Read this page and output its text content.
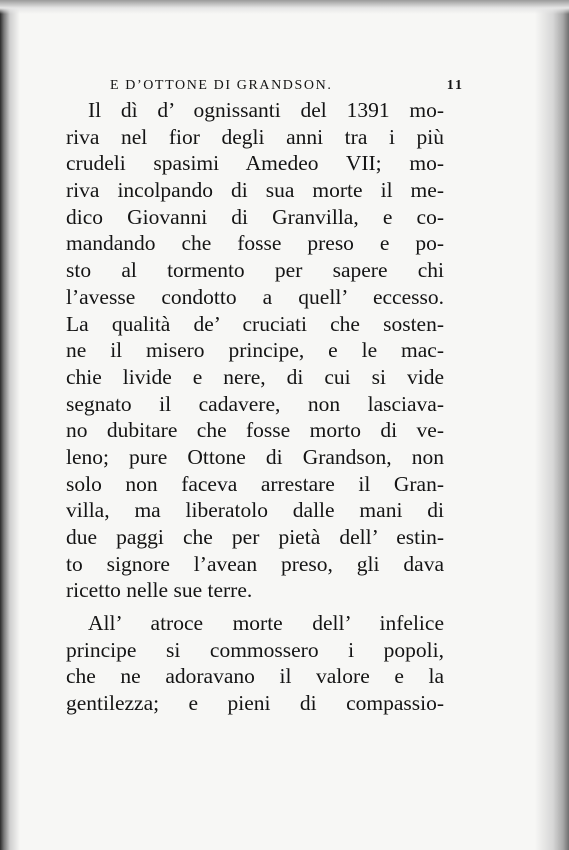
E D’OTTONE DI GRANDSON.	11
Il dì d’ ognissanti del 1391 mo-
riva nel fior degli anni tra i più
crudeli spasimi Amedeo VII; mo-
riva incolpando di sua morte il me-
dico Giovanni di Granvilla, e co-
mandando che fosse preso e po-
sto al tormento per sapere chi
l’avesse condotto a quell’ eccesso.
La qualità de’ cruciati che sosten-
ne il misero principe, e le mac-
chie livide e nere, di cui si vide
segnato il cadavere, non lasciava-
no dubitare che fosse morto di ve-
leno; pure Ottone di Grandson, non
solo non faceva arrestare il Gran-
villa, ma liberatolo dalle mani di
due paggi che per pietà dell’ estin-
to signore l’avean preso, gli dava
ricetto nelle sue terre.
All’ atroce morte dell’ infelice
principe si commossero i popoli,
che ne adoravano il valore e la
gentilezza; e pieni di compassio-
